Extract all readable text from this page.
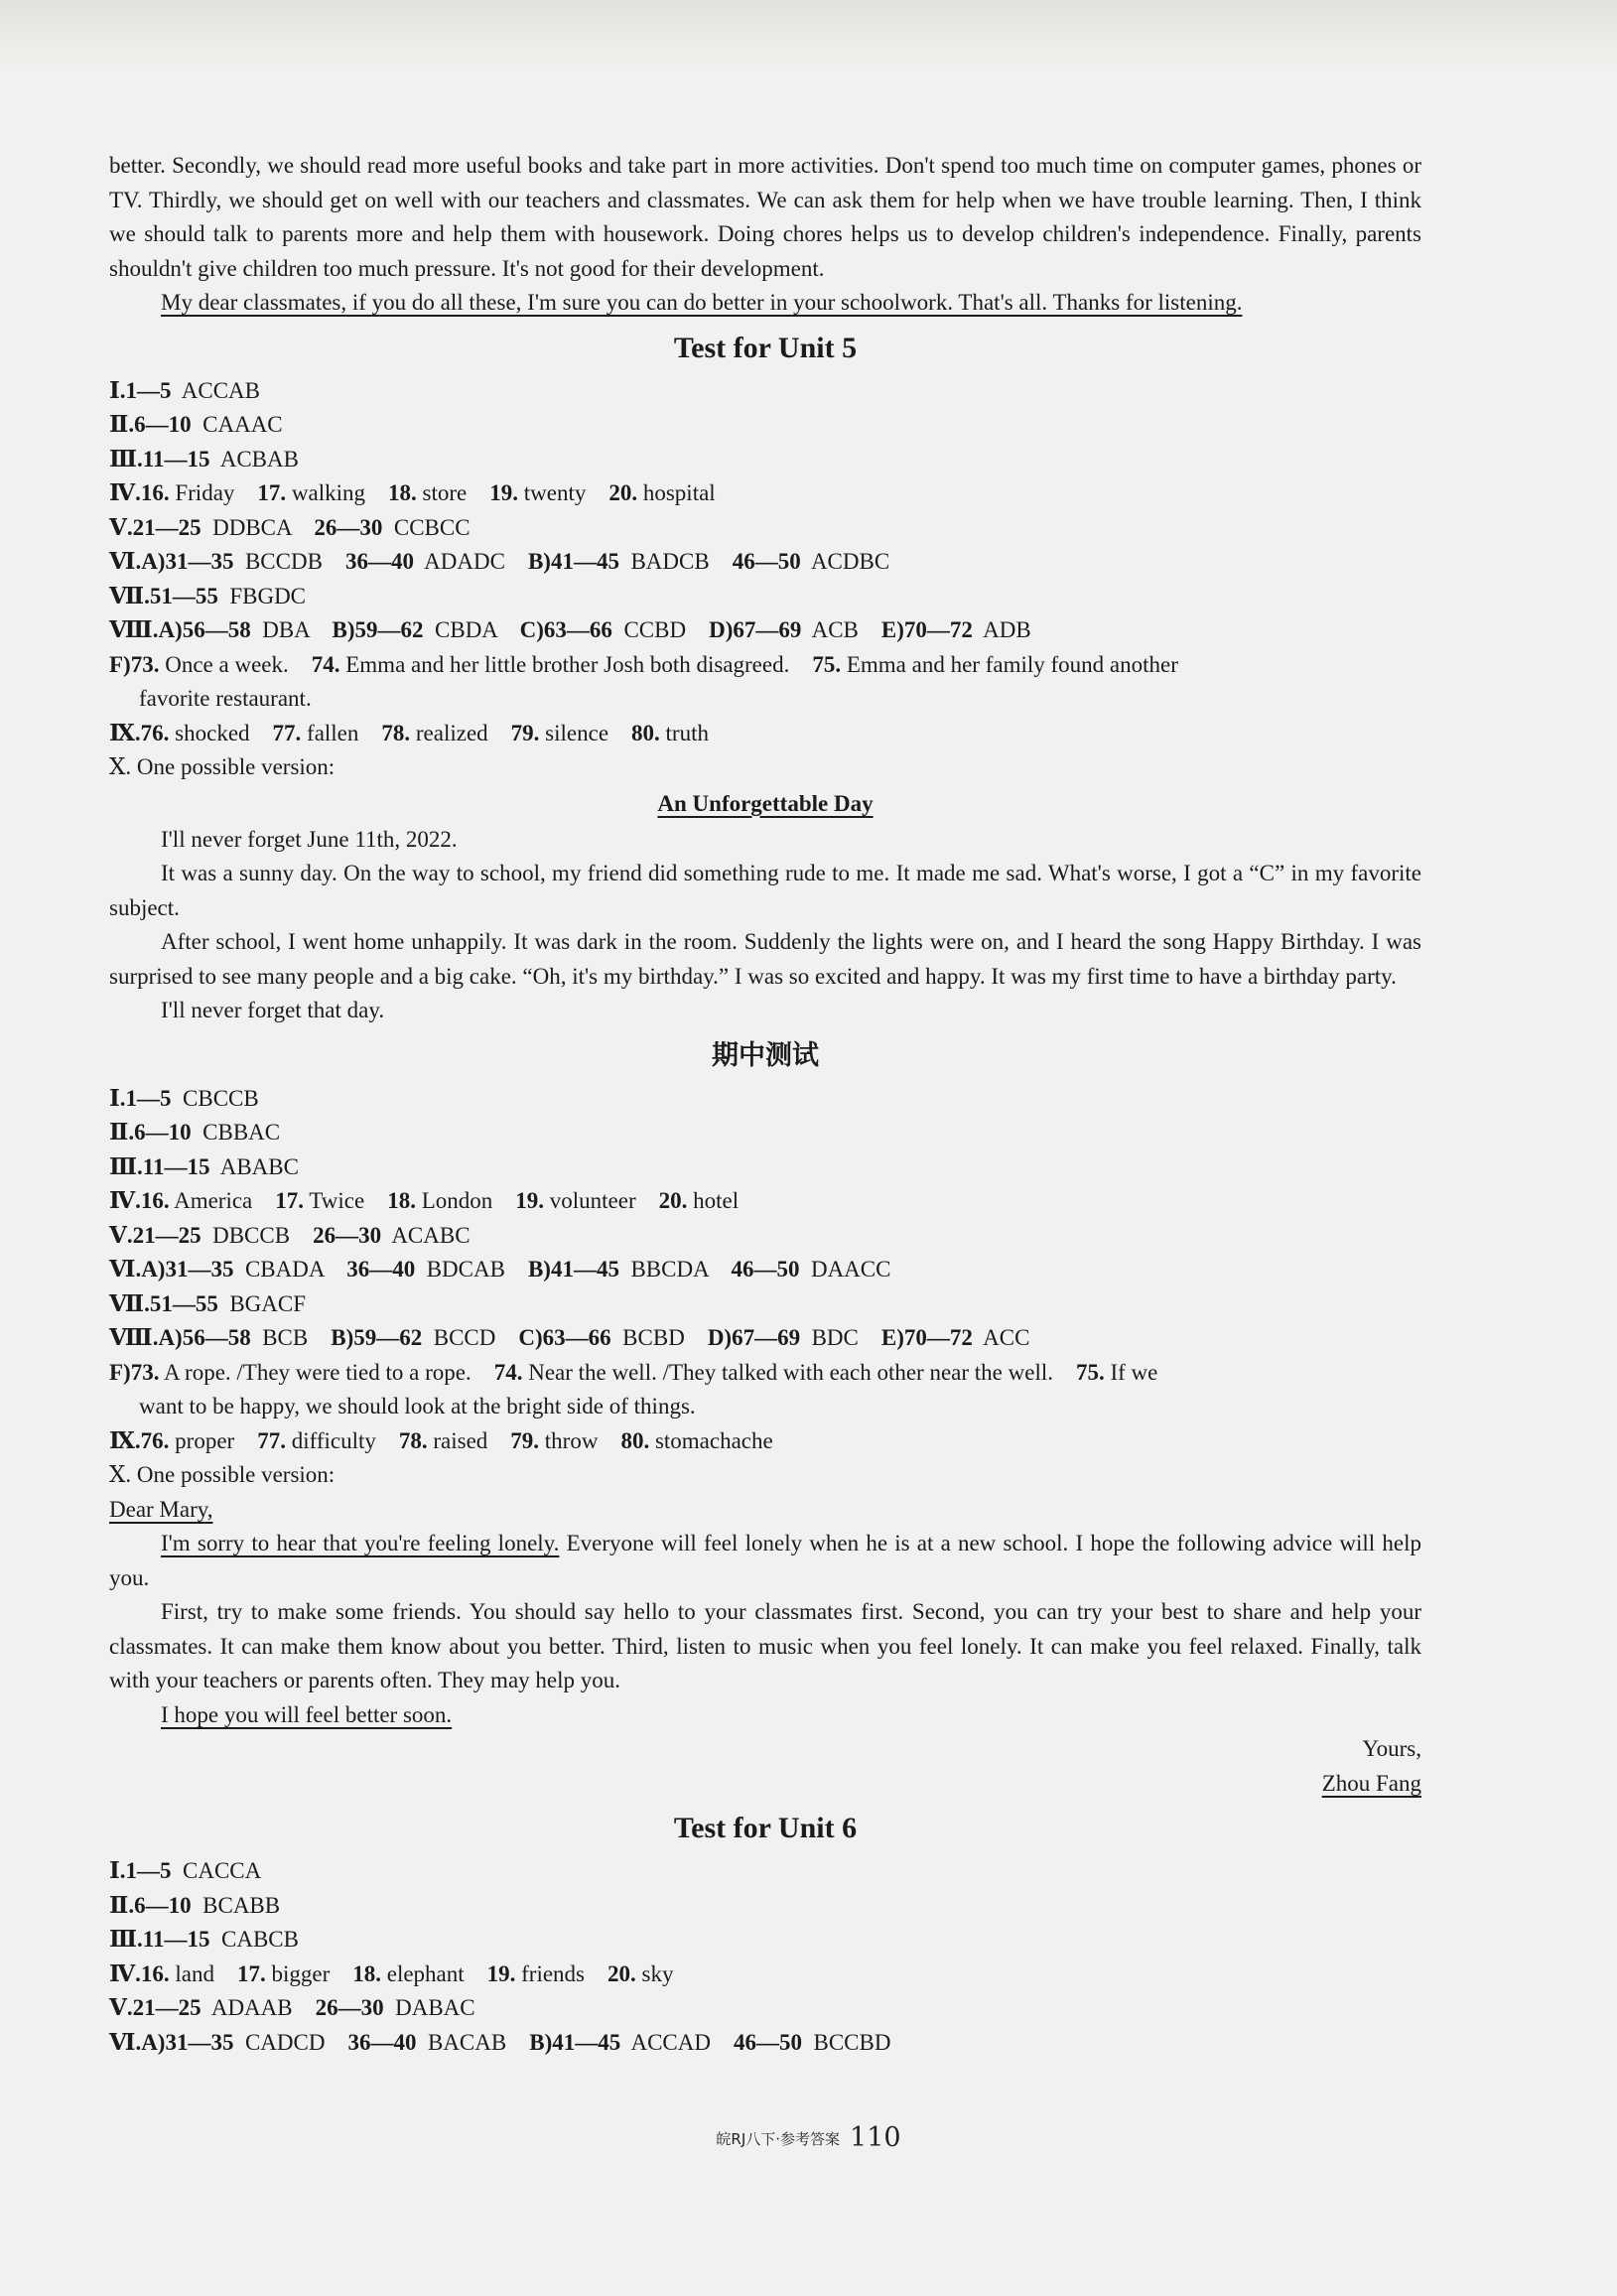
better. Secondly, we should read more useful books and take part in more activities. Don't spend too much time on computer games, phones or TV. Thirdly, we should get on well with our teachers and classmates. We can ask them for help when we have trouble learning. Then, I think we should talk to parents more and help them with housework. Doing chores helps us to develop children's independence. Finally, parents shouldn't give children too much pressure. It's not good for their development.

My dear classmates, if you do all these, I'm sure you can do better in your schoolwork. That's all. Thanks for listening.

Test for Unit 5

Ⅰ.1—5  ACCAB

Ⅱ.6—10  CAAAC

Ⅲ.11—15  ACBAB

Ⅳ.16. Friday 17. walking 18. store 19. twenty 20. hospital

Ⅴ.21—25  DDBCA 26—30  CCBCC

Ⅵ.A)31—35  BCCDB 36—40  ADADC B)41—45  BADCB 46—50  ACDBC

Ⅶ.51—55  FBGDC

Ⅷ.A)56—58  DBA B)59—62  CBDA C)63—66  CCBD D)67—69  ACB E)70—72  ADB

F)73. Once a week. 74. Emma and her little brother Josh both disagreed. 75. Emma and her family found another

favorite restaurant.

Ⅸ.76. shocked 77. fallen 78. realized 79. silence 80. truth

Ⅹ. One possible version:

An Unforgettable Day

I'll never forget June 11th, 2022.

It was a sunny day. On the way to school, my friend did something rude to me. It made me sad. What's worse, I got a “C” in my favorite subject.

After school, I went home unhappily. It was dark in the room. Suddenly the lights were on, and I heard the song Happy Birthday. I was surprised to see many people and a big cake. “Oh, it's my birthday.” I was so excited and happy. It was my first time to have a birthday party.

I'll never forget that day.

期中测试

Ⅰ.1—5  CBCCB

Ⅱ.6—10  CBBAC

Ⅲ.11—15  ABABC

Ⅳ.16. America 17. Twice 18. London 19. volunteer 20. hotel

Ⅴ.21—25  DBCCB 26—30  ACABC

Ⅵ.A)31—35  CBADA 36—40  BDCAB B)41—45  BBCDA 46—50  DAACC

Ⅶ.51—55  BGACF

Ⅷ.A)56—58  BCB B)59—62  BCCD C)63—66  BCBD D)67—69  BDC E)70—72  ACC

F)73. A rope. /They were tied to a rope. 74. Near the well. /They talked with each other near the well. 75. If we

want to be happy, we should look at the bright side of things.

Ⅸ.76. proper 77. difficulty 78. raised 79. throw 80. stomachache

Ⅹ. One possible version:

Dear Mary,

I'm sorry to hear that you're feeling lonely. Everyone will feel lonely when he is at a new school. I hope the following advice will help you.

First, try to make some friends. You should say hello to your classmates first. Second, you can try your best to share and help your classmates. It can make them know about you better. Third, listen to music when you feel lonely. It can make you feel relaxed. Finally, talk with your teachers or parents often. They may help you.

I hope you will feel better soon.

Yours,

Zhou Fang

Test for Unit 6

Ⅰ.1—5  CACCA

Ⅱ.6—10  BCABB

Ⅲ.11—15  CABCB

Ⅳ.16. land 17. bigger 18. elephant 19. friends 20. sky

Ⅴ.21—25  ADAAB 26—30  DABAC

Ⅵ.A)31—35  CADCD 36—40  BACAB B)41—45  ACCAD 46—50  BCCBD

皖RJ八下·参考答案 110
